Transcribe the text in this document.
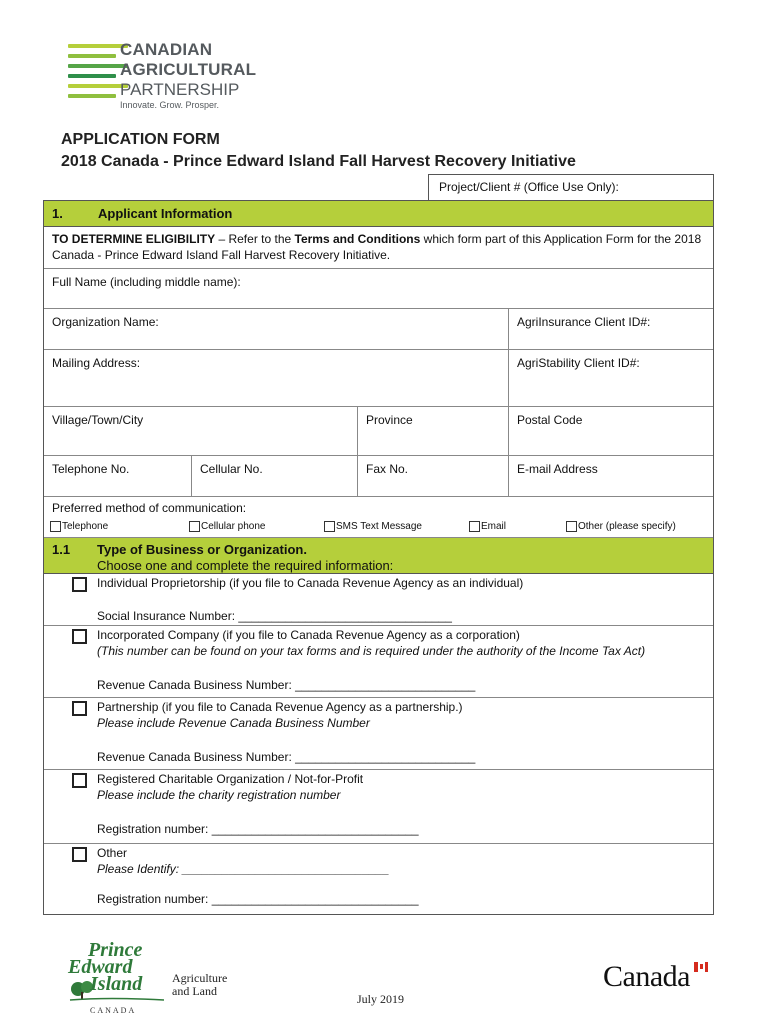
CANADIAN
AGRICULTURAL
PARTNERSHIP
Innovate. Grow. Prosper.
APPLICATION FORM
2018 Canada - Prince Edward Island Fall Harvest Recovery Initiative
Project/Client # (Office Use Only):
1.	Applicant Information
TO DETERMINE ELIGIBILITY – Refer to the Terms and Conditions which form part of this Application Form for the 2018 Canada - Prince Edward Island Fall Harvest Recovery Initiative.
Full Name (including middle name):
Organization Name:	AgriInsurance Client ID#:
Mailing Address:	AgriStability Client ID#:
Village/Town/City	Province	Postal Code
Telephone No.	Cellular No.	Fax No.	E-mail Address
Preferred method of communication:
Telephone	Cellular phone	SMS Text Message	Email	Other (please specify)
1.1 Type of Business or Organization.
Choose one and complete the required information:
Individual Proprietorship (if you file to Canada Revenue Agency as an individual)
Social Insurance Number: ________________________________
Incorporated Company (if you file to Canada Revenue Agency as a corporation)
(This number can be found on your tax forms and is required under the authority of the Income Tax Act)
Revenue Canada Business Number: ___________________________
Partnership (if you file to Canada Revenue Agency as a partnership.)
Please include Revenue Canada Business Number
Revenue Canada Business Number: ___________________________
Registered Charitable Organization / Not-for-Profit
Please include the charity registration number
Registration number: _______________________________
Other
Please Identify: _______________________________
Registration number: _______________________________
Prince
Edward
Island
CANADA
Agriculture
and Land
July 2019
Canada
